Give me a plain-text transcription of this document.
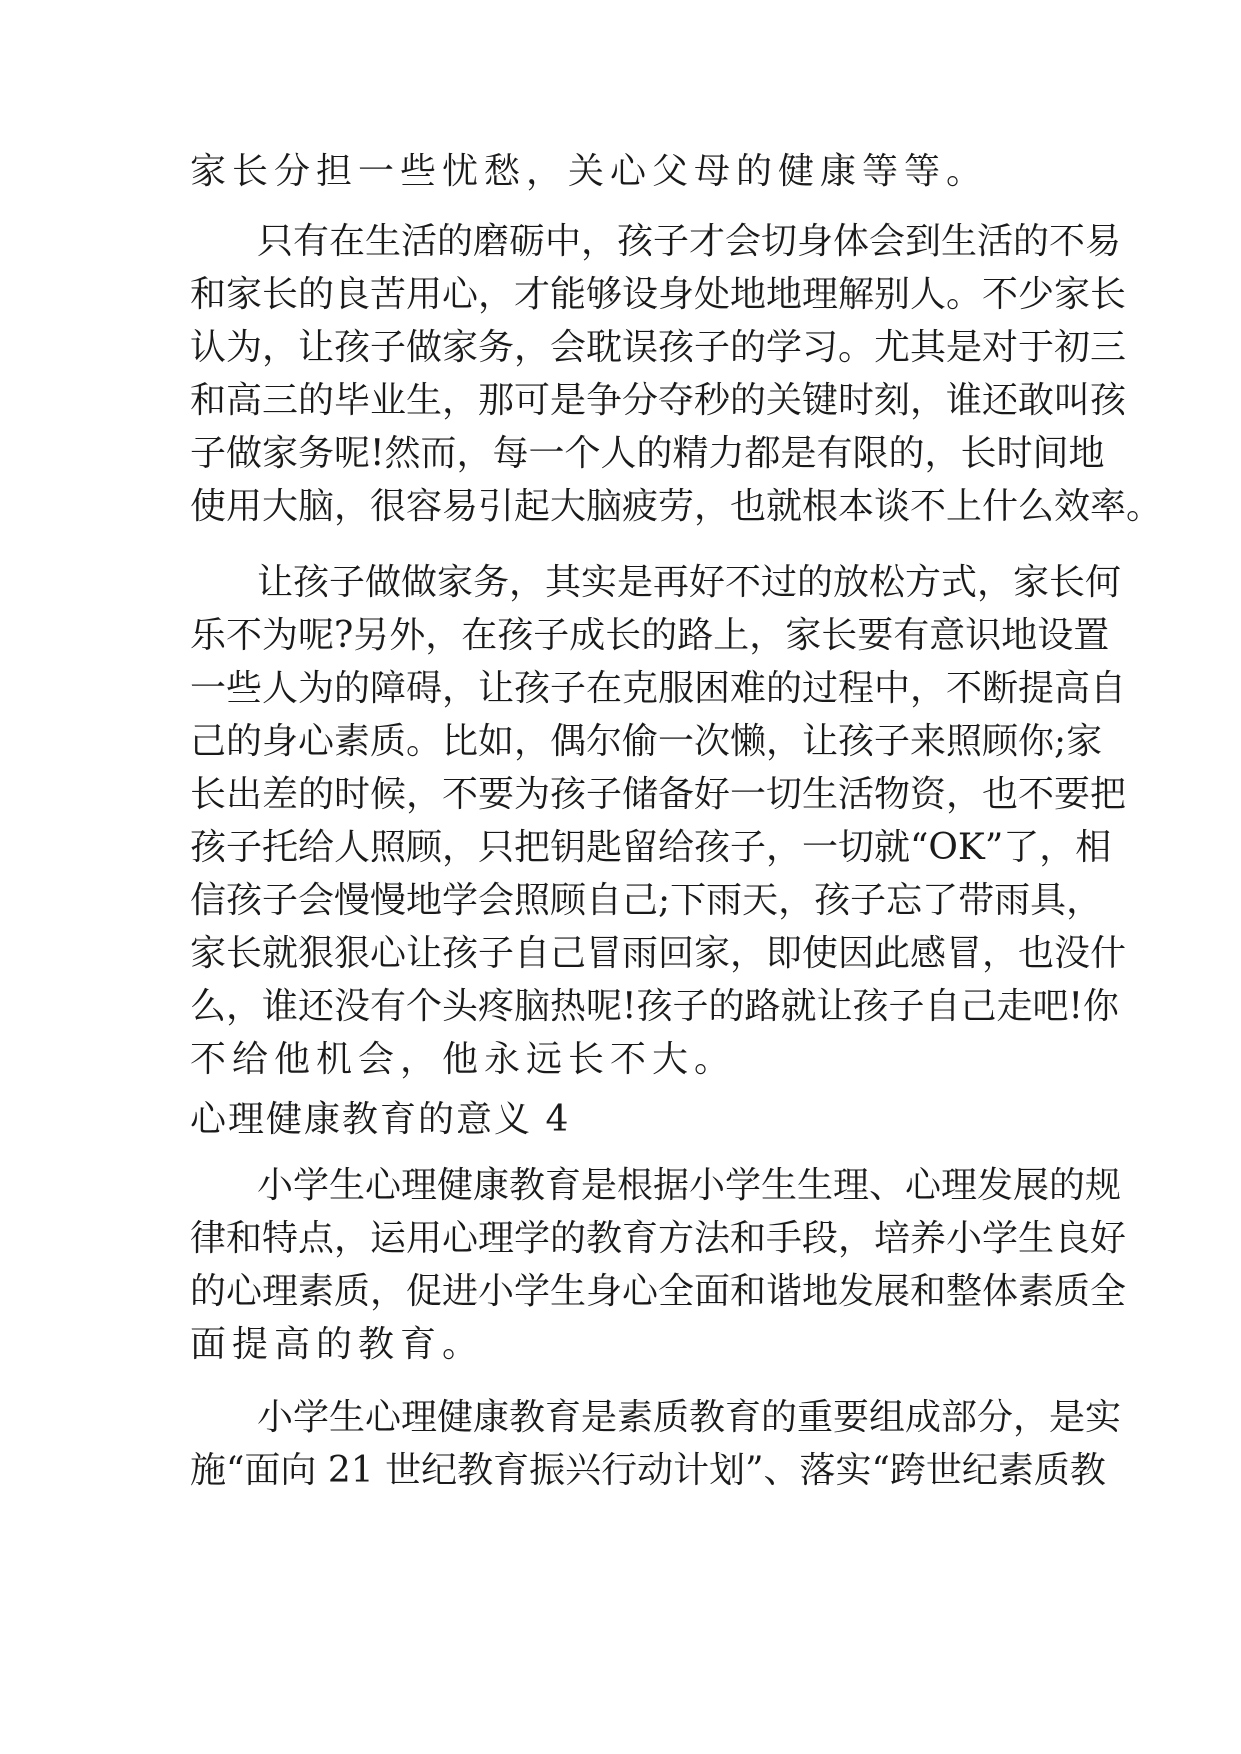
家长分担一些忧愁，关心父母的健康等等。
只有在生活的磨砺中，孩子才会切身体会到生活的不易
和家长的良苦用心，才能够设身处地地理解别人。不少家长
认为，让孩子做家务，会耽误孩子的学习。尤其是对于初三
和高三的毕业生，那可是争分夺秒的关键时刻，谁还敢叫孩
子做家务呢!然而，每一个人的精力都是有限的，长时间地
使用大脑，很容易引起大脑疲劳，也就根本谈不上什么效率。
让孩子做做家务，其实是再好不过的放松方式，家长何
乐不为呢?另外，在孩子成长的路上，家长要有意识地设置
一些人为的障碍，让孩子在克服困难的过程中，不断提高自
己的身心素质。比如，偶尔偷一次懒，让孩子来照顾你;家
长出差的时候，不要为孩子储备好一切生活物资，也不要把
孩子托给人照顾，只把钥匙留给孩子，一切就“OK”了，相
信孩子会慢慢地学会照顾自己;下雨天，孩子忘了带雨具，
家长就狠狠心让孩子自己冒雨回家，即使因此感冒，也没什
么，谁还没有个头疼脑热呢!孩子的路就让孩子自己走吧!你
不给他机会，他永远长不大。
心理健康教育的意义 4
小学生心理健康教育是根据小学生生理、心理发展的规
律和特点，运用心理学的教育方法和手段，培养小学生良好
的心理素质，促进小学生身心全面和谐地发展和整体素质全
面提高的教育。
小学生心理健康教育是素质教育的重要组成部分，是实
施“面向 21 世纪教育振兴行动计划”、落实“跨世纪素质教
